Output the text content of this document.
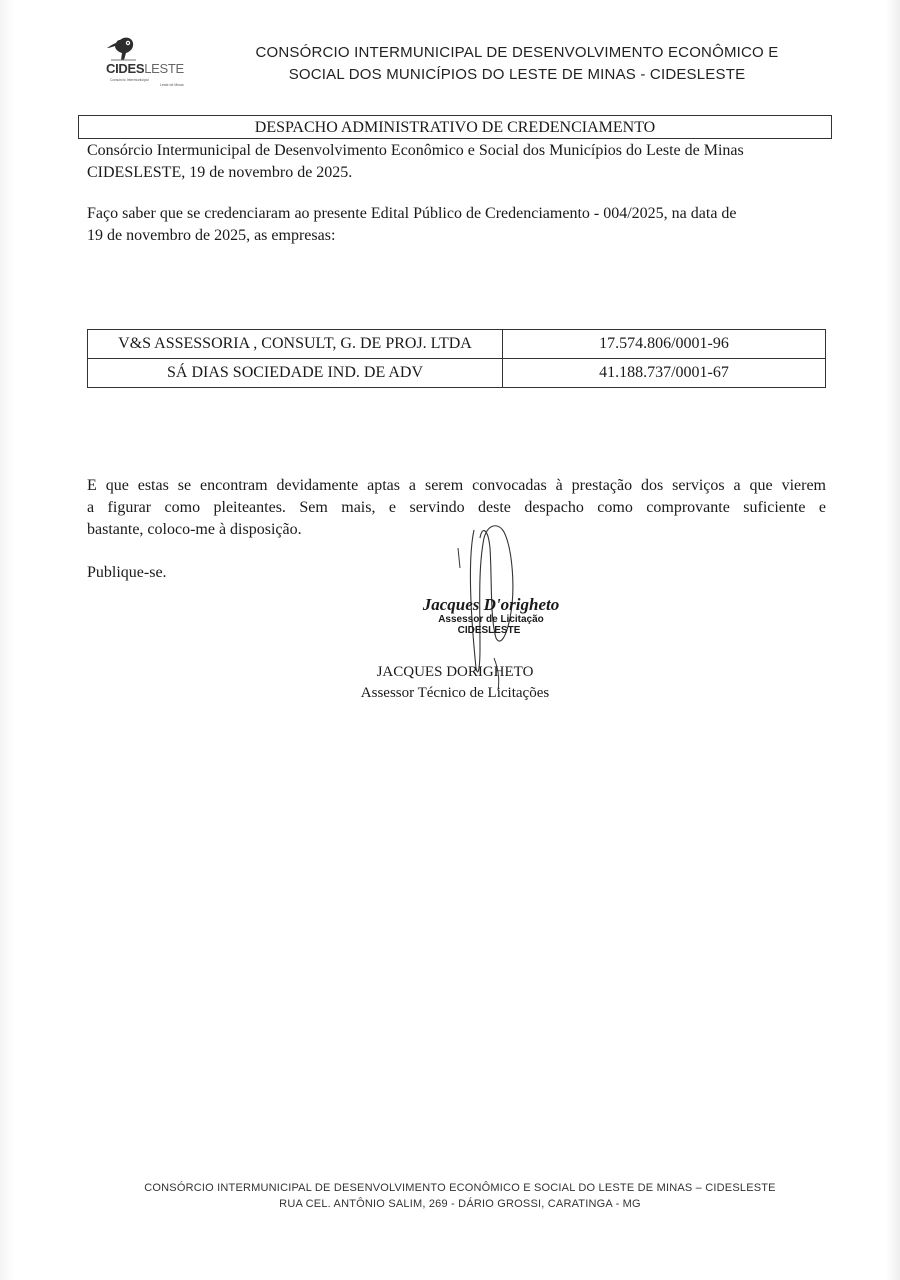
CIDESLESTE
Consórcio Intermunicipal
Leste de Minas
CONSÓRCIO INTERMUNICIPAL DE DESENVOLVIMENTO ECONÔMICO E
SOCIAL DOS MUNICÍPIOS DO LESTE DE MINAS - CIDESLESTE
DESPACHO ADMINISTRATIVO DE CREDENCIAMENTO
Consórcio Intermunicipal de Desenvolvimento Econômico e Social dos Municípios do Leste de Minas
CIDESLESTE, 19 de novembro de 2025.
Faço saber que se credenciaram ao presente Edital Público de Credenciamento - 004/2025, na data de
19 de novembro de 2025, as empresas:
V&S ASSESSORIA , CONSULT, G. DE PROJ. LTDA	17.574.806/0001-96
SÁ DIAS SOCIEDADE IND. DE ADV	41.188.737/0001-67
E que estas se encontram devidamente aptas a serem convocadas à prestação dos serviços a que vierem
a figurar como pleiteantes. Sem mais, e servindo deste despacho como comprovante suficiente e
bastante, coloco-me à disposição.
Publique-se.
Jacques D'origheto
Assessor de Licitação
CIDESLESTE
JACQUES DORIGHETO
Assessor Técnico de Licitações
CONSÓRCIO INTERMUNICIPAL DE DESENVOLVIMENTO ECONÔMICO E SOCIAL DO LESTE DE MINAS – CIDESLESTE
RUA CEL. ANTÔNIO SALIM, 269 - DÁRIO GROSSI, CARATINGA - MG
